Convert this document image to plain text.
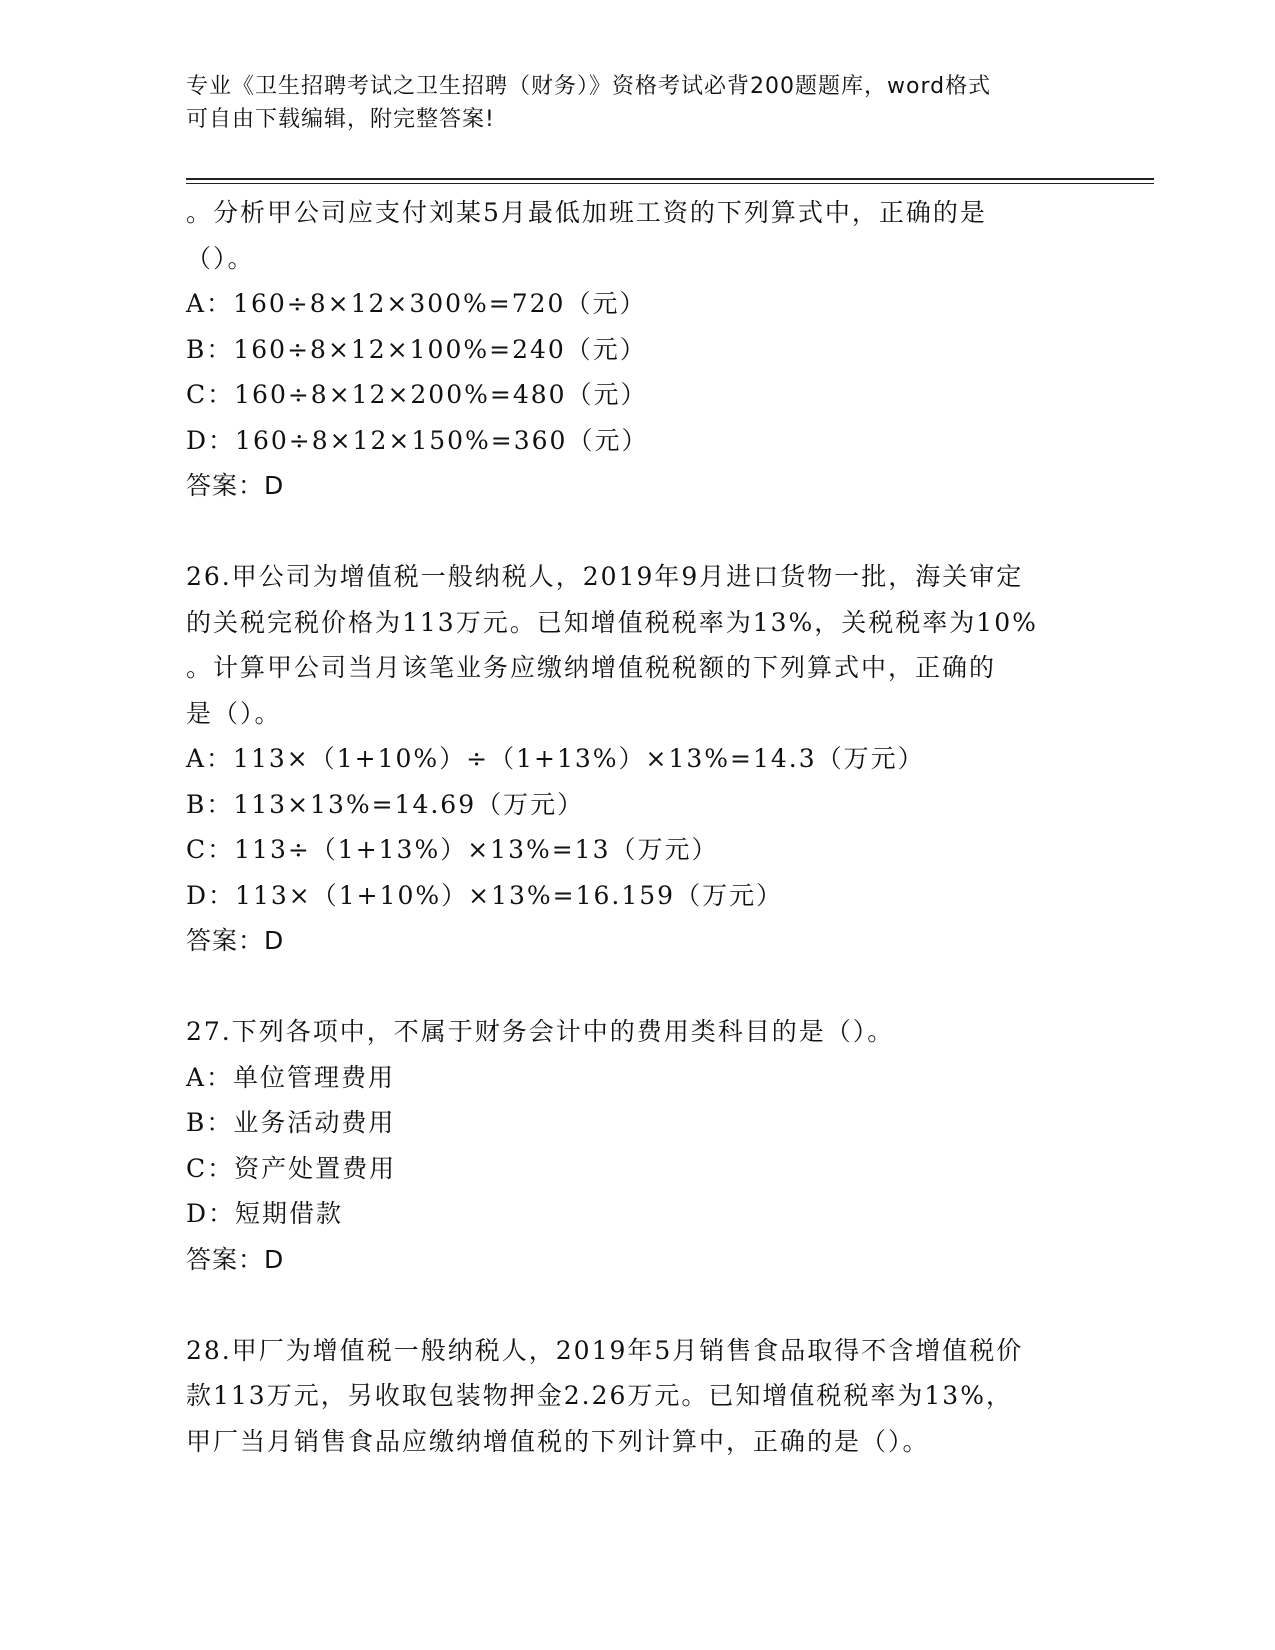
专业《卫生招聘考试之卫生招聘（财务）》资格考试必背200题题库，word格式
可自由下载编辑，附完整答案!
。分析甲公司应支付刘某5月最低加班工资的下列算式中，正确的是
（）。
A：160÷8×12×300%=720（元）
B：160÷8×12×100%=240（元）
C：160÷8×12×200%=480（元）
D：160÷8×12×150%=360（元）
答案：D
26.甲公司为增值税一般纳税人，2019年9月进口货物一批，海关审定
的关税完税价格为113万元。已知增值税税率为13%，关税税率为10%
。计算甲公司当月该笔业务应缴纳增值税税额的下列算式中，正确的
是（）。
A：113×（1+10%）÷（1+13%）×13%=14.3（万元）
B：113×13%=14.69（万元）
C：113÷（1+13%）×13%=13（万元）
D：113×（1+10%）×13%=16.159（万元）
答案：D
27.下列各项中，不属于财务会计中的费用类科目的是（）。
A：单位管理费用
B：业务活动费用
C：资产处置费用
D：短期借款
答案：D
28.甲厂为增值税一般纳税人，2019年5月销售食品取得不含增值税价
款113万元，另收取包装物押金2.26万元。已知增值税税率为13%，
甲厂当月销售食品应缴纳增值税的下列计算中，正确的是（）。
